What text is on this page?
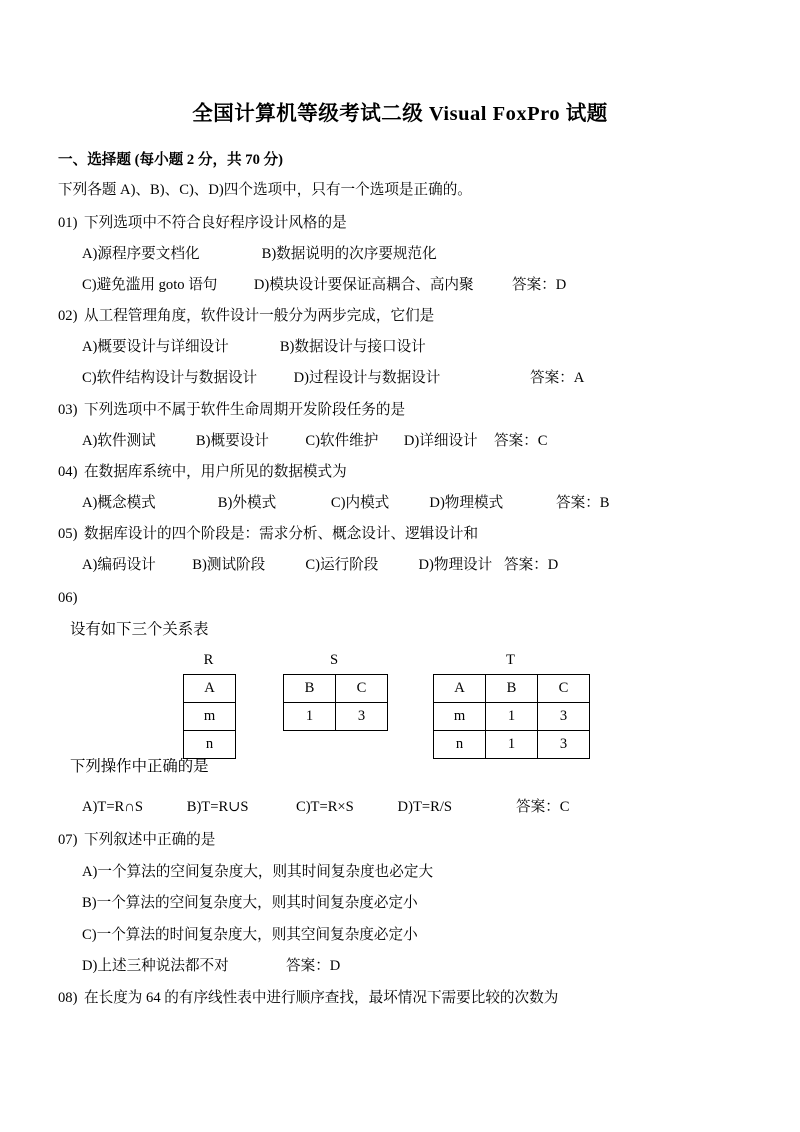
全国计算机等级考试二级 Visual FoxPro 试题
一、选择题 (每小题 2 分，共 70 分)
下列各题 A)、B)、C)、D)四个选项中，只有一个选项是正确的。
01) 下列选项中不符合良好程序设计风格的是
A)源程序要文档化                 B)数据说明的次序要规范化
C)避免滥用 goto 语句          D)模块设计要保证高耦合、高内聚	答案：D
02) 从工程管理角度，软件设计一般分为两步完成，它们是
A)概要设计与详细设计              B)数据设计与接口设计
C)软件结构设计与数据设计          D)过程设计与数据设计	答案：A
03) 下列选项中不属于软件生命周期开发阶段任务的是
A)软件测试           B)概要设计          C)软件维护       D)详细设计 答案：C
04) 在数据库系统中，用户所见的数据模式为
A)概念模式                 B)外模式               C)内模式           D)物理模式	答案：B
05) 数据库设计的四个阶段是：需求分析、概念设计、逻辑设计和
A)编码设计          B)测试阶段           C)运行阶段           D)物理设计 答案：D
06)
设有如下三个关系表
R
A
m
n
S
B	C
1	3
T
A	B	C
m	1	3
n	1	3
下列操作中正确的是
A)T=R∩S            B)T=R∪S             C)T=R×S            D)T=R/S	答案：C
07) 下列叙述中正确的是
A)一个算法的空间复杂度大，则其时间复杂度也必定大
B)一个算法的空间复杂度大，则其时间复杂度必定小
C)一个算法的时间复杂度大，则其空间复杂度必定小
D)上述三种说法都不对	答案：D
08) 在长度为 64 的有序线性表中进行顺序查找，最坏情况下需要比较的次数为
